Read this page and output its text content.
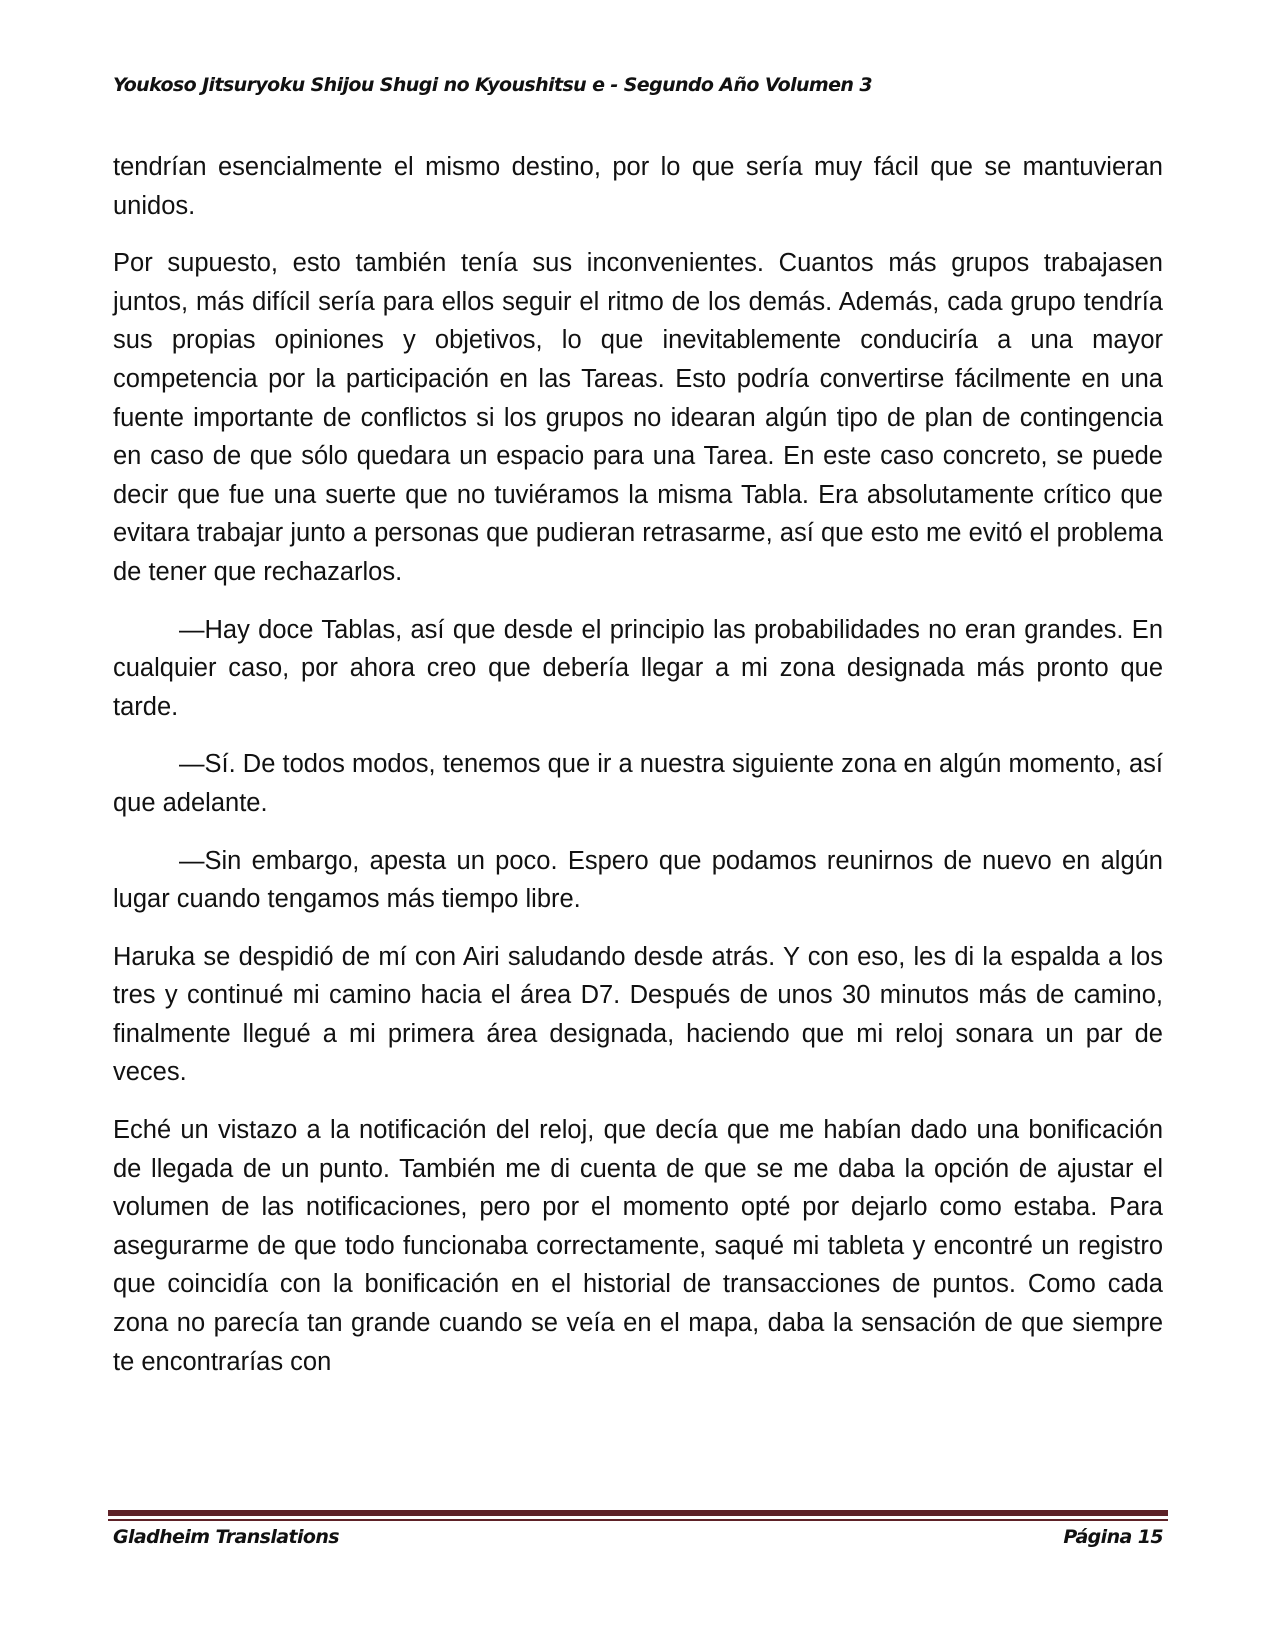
Youkoso Jitsuryoku Shijou Shugi no Kyoushitsu e - Segundo Año Volumen 3

tendrían esencialmente el mismo destino, por lo que sería muy fácil que se mantuvieran unidos.

Por supuesto, esto también tenía sus inconvenientes. Cuantos más grupos trabajasen juntos, más difícil sería para ellos seguir el ritmo de los demás. Además, cada grupo tendría sus propias opiniones y objetivos, lo que inevitablemente conduciría a una mayor competencia por la participación en las Tareas. Esto podría convertirse fácilmente en una fuente importante de conflictos si los grupos no idearan algún tipo de plan de contingencia en caso de que sólo quedara un espacio para una Tarea. En este caso concreto, se puede decir que fue una suerte que no tuviéramos la misma Tabla. Era absolutamente crítico que evitara trabajar junto a personas que pudieran retrasarme, así que esto me evitó el problema de tener que rechazarlos.

—Hay doce Tablas, así que desde el principio las probabilidades no eran grandes. En cualquier caso, por ahora creo que debería llegar a mi zona designada más pronto que tarde.

—Sí. De todos modos, tenemos que ir a nuestra siguiente zona en algún momento, así que adelante.

—Sin embargo, apesta un poco. Espero que podamos reunirnos de nuevo en algún lugar cuando tengamos más tiempo libre.

Haruka se despidió de mí con Airi saludando desde atrás. Y con eso, les di la espalda a los tres y continué mi camino hacia el área D7. Después de unos 30 minutos más de camino, finalmente llegué a mi primera área designada, haciendo que mi reloj sonara un par de veces.

Eché un vistazo a la notificación del reloj, que decía que me habían dado una bonificación de llegada de un punto. También me di cuenta de que se me daba la opción de ajustar el volumen de las notificaciones, pero por el momento opté por dejarlo como estaba. Para asegurarme de que todo funcionaba correctamente, saqué mi tableta y encontré un registro que coincidía con la bonificación en el historial de transacciones de puntos. Como cada zona no parecía tan grande cuando se veía en el mapa, daba la sensación de que siempre te encontrarías con

Gladheim Translations	Página 15
